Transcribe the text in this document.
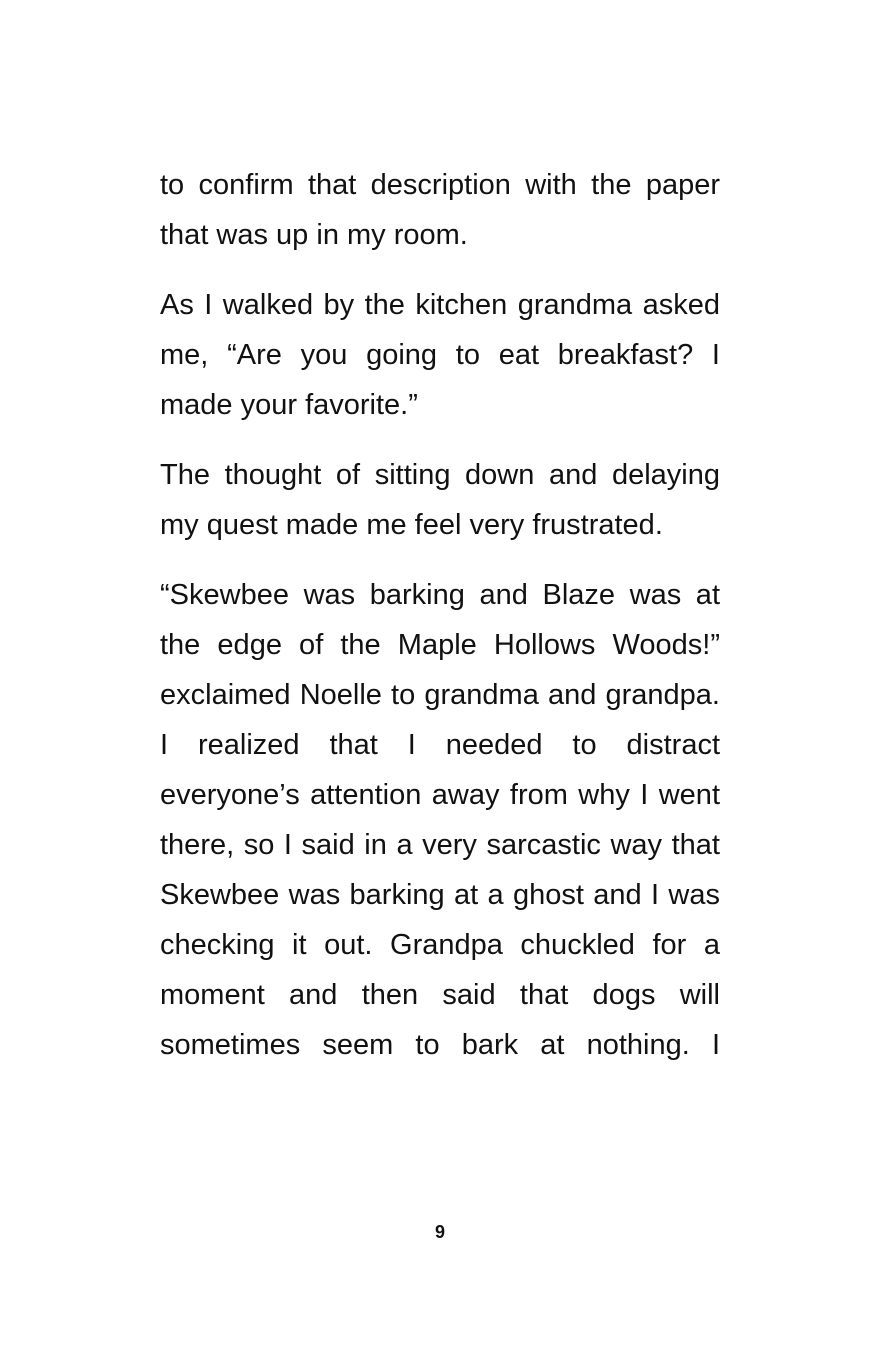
to confirm that description with the paper that was up in my room.

As I walked by the kitchen grandma asked me, “Are you going to eat breakfast? I made your favorite.”

The thought of sitting down and delaying my quest made me feel very frustrated.

“Skewbee was barking and Blaze was at the edge of the Maple Hollows Woods!” exclaimed Noelle to grandma and grandpa. I realized that I needed to distract everyone’s attention away from why I went there, so I said in a very sarcastic way that Skewbee was barking at a ghost and I was checking it out. Grandpa chuckled for a moment and then said that dogs will sometimes seem to bark at nothing. I

9
